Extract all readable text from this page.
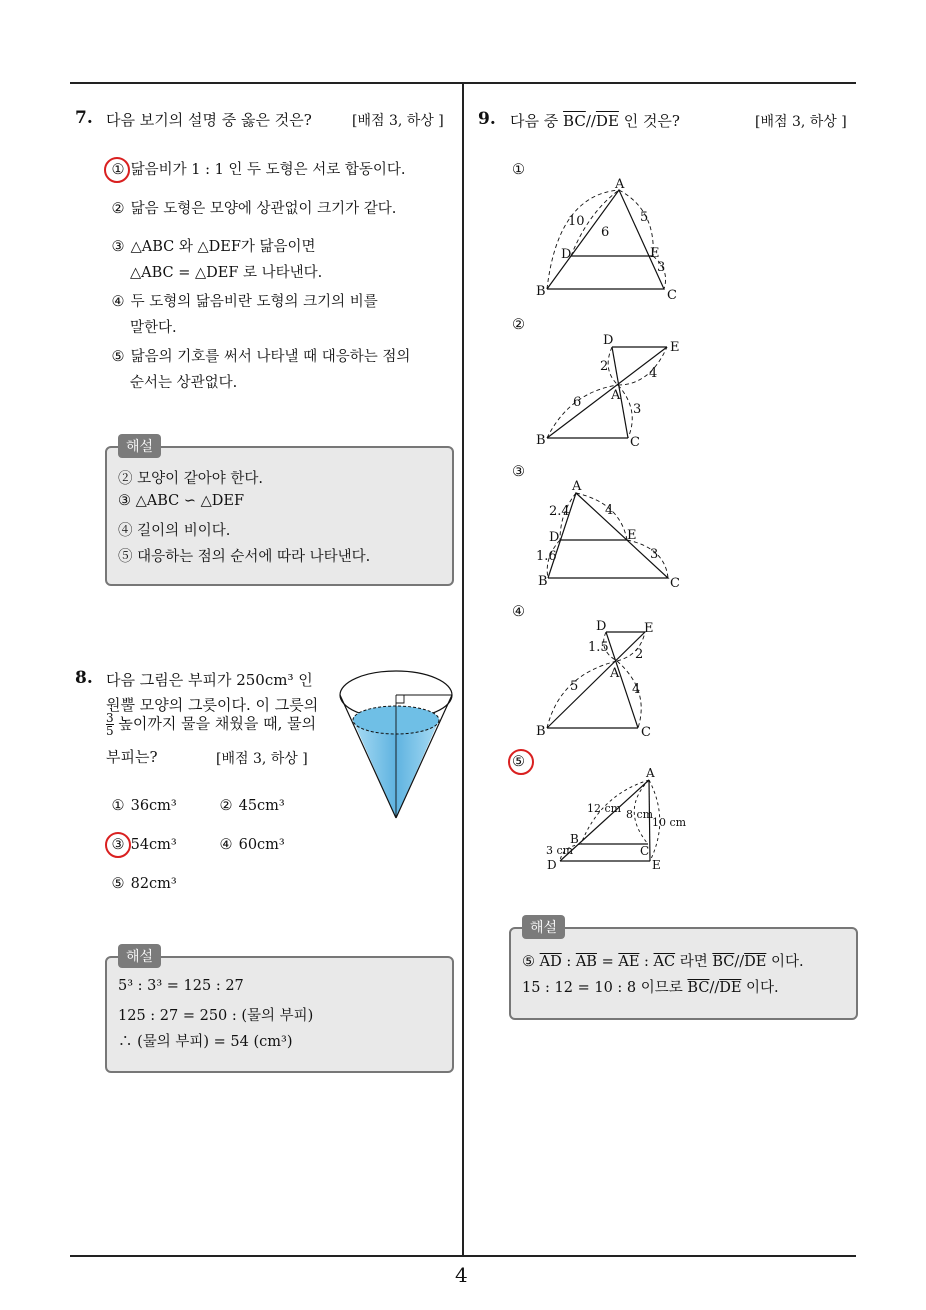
4
7. 다음 보기의 설명 중 옳은 것은?	[배점 3, 하상 ]
① 닮음비가 1 : 1 인 두 도형은 서로 합동이다.
② 닮음 도형은 모양에 상관없이 크기가 같다.
③ △ABC 와 △DEF가 닮음이면
△ABC = △DEF 로 나타낸다.
④ 두 도형의 닮음비란 도형의 크기의 비를
말한다.
⑤ 닮음의 기호를 써서 나타낼 때 대응하는 점의
순서는 상관없다.
해설
② 모양이 같아야 한다.
③ △ABC ∽ △DEF
④ 길이의 비이다.
⑤ 대응하는 점의 순서에 따라 나타낸다.
8. 다음 그림은 부피가 250cm³ 인
원뿔 모양의 그릇이다. 이 그릇의
$\frac{3}{5}$ 높이까지 물을 채웠을 때, 물의
부피는?	[배점 3, 하상 ]
① 36cm³	② 45cm³
③ 54cm³	④ 60cm³
⑤ 82cm³
해설
5³ : 3³ = 125 : 27
125 : 27 = 250 : (물의 부피)
∴ (물의 부피) = 54 (cm³)
9. 다음 중 $\overline{BC}//\overline{DE}$ 인 것은?	[배점 3, 하상 ]
①
②
③
④
⑤
A
B	C
D	E
10
6
5
3
D	E
A
B	C
2	4
6	3
A
D	E
B	C
2.4	4
1.6	3
D	E
A
B	C
1.5 2
5	4
A
B
C
D	E
12 cm 8 cm
10 cm
3 cm
해설
⑤ $\overline{AD}$ : $\overline{AB} = \overline{AE}$ : $\overline{AC}$ 라면 $\overline{BC}//\overline{DE}$ 이다.
15 : 12 = 10 : 8 이므로 $\overline{BC}//\overline{DE}$ 이다.
